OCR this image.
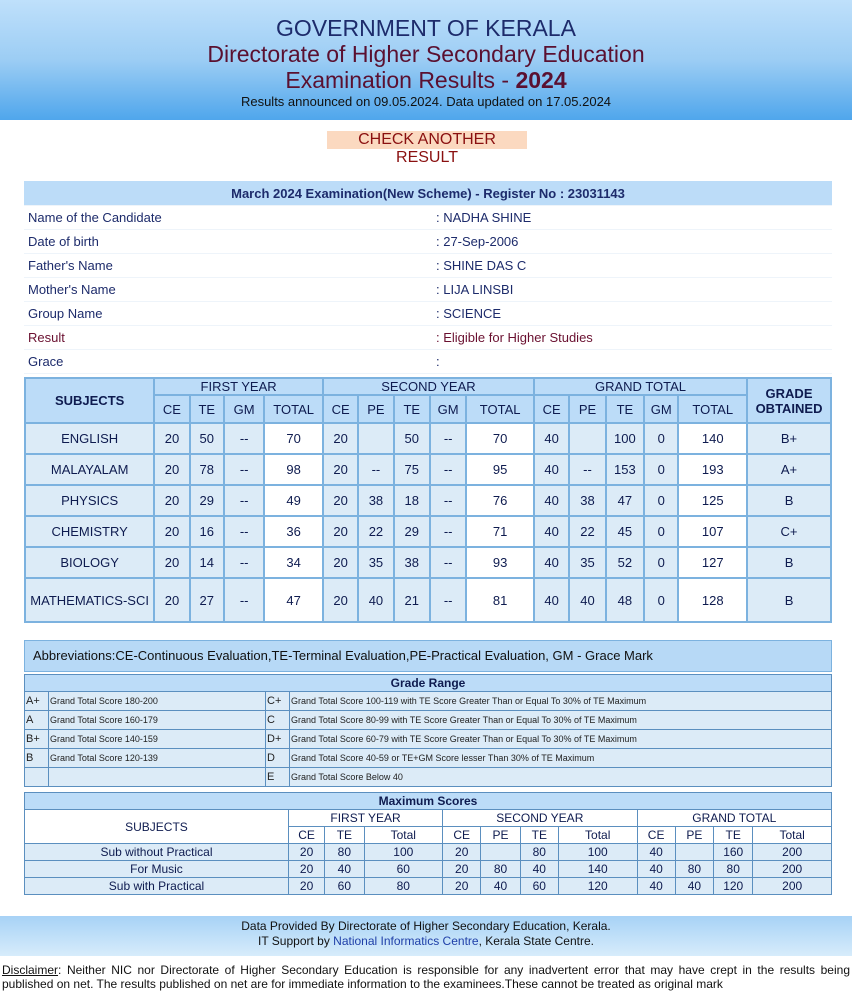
GOVERNMENT OF KERALA
Directorate of Higher Secondary Education
Examination Results - 2024
Results announced on 09.05.2024. Data updated on 17.05.2024
CHECK ANOTHER RESULT
March 2024 Examination(New Scheme) - Register No : 23031143	
Name of the Candidate	: NADHA SHINE
Date of birth	: 27-Sep-2006
Father's Name	: SHINE DAS C
Mother's Name	: LIJA LINSBI
Group Name	: SCIENCE
Result	: Eligible for Higher Studies
Grace	:
SUBJECTS	FIRST YEAR				SECOND YEAR					GRAND TOTAL					GRADE OBTAINED
	CE	TE	GM	TOTAL	CE	PE	TE	GM	TOTAL	CE	PE	TE	GM	TOTAL	
ENGLISH	20	50	--	70	20		50	--	70	40		100	0	140	B+
MALAYALAM	20	78	--	98	20	--	75	--	95	40	--	153	0	193	A+
PHYSICS	20	29	--	49	20	38	18	--	76	40	38	47	0	125	B
CHEMISTRY	20	16	--	36	20	22	29	--	71	40	22	45	0	107	C+
BIOLOGY	20	14	--	34	20	35	38	--	93	40	35	52	0	127	B
MATHEMATICS-SCI	20	27	--	47	20	40	21	--	81	40	40	48	0	128	B
Abbreviations:CE-Continuous Evaluation,TE-Terminal Evaluation,PE-Practical Evaluation, GM - Grace Mark
Grade Range			
A+	Grand Total Score 180-200	C+	Grand Total Score 100-119 with TE Score Greater Than or Equal To 30% of TE Maximum
A	Grand Total Score 160-179	C	Grand Total Score 80-99 with TE Score Greater Than or Equal To 30% of TE Maximum
B+	Grand Total Score 140-159	D+	Grand Total Score 60-79 with TE Score Greater Than or Equal To 30% of TE Maximum
B	Grand Total Score 120-139	D	Grand Total Score 40-59 or TE+GM Score lesser Than 30% of TE Maximum
		E	Grand Total Score Below 40
Maximum Scores											
SUBJECTS	FIRST YEAR			SECOND YEAR				GRAND TOTAL			
	CE	TE	Total	CE	PE	TE	Total	CE	PE	TE	Total
Sub without Practical	20	80	100	20		80	100	40		160	200
For Music	20	40	60	20	80	40	140	40	80	80	200
Sub with Practical	20	60	80	20	40	60	120	40	40	120	200
Data Provided By Directorate of Higher Secondary Education, Kerala.
IT Support by National Informatics Centre, Kerala State Centre.
Disclaimer: Neither NIC nor Directorate of Higher Secondary Education is responsible for any inadvertent error that may have crept in the results being published on net. The results published on net are for immediate information to the examinees.These cannot be treated as original mark
